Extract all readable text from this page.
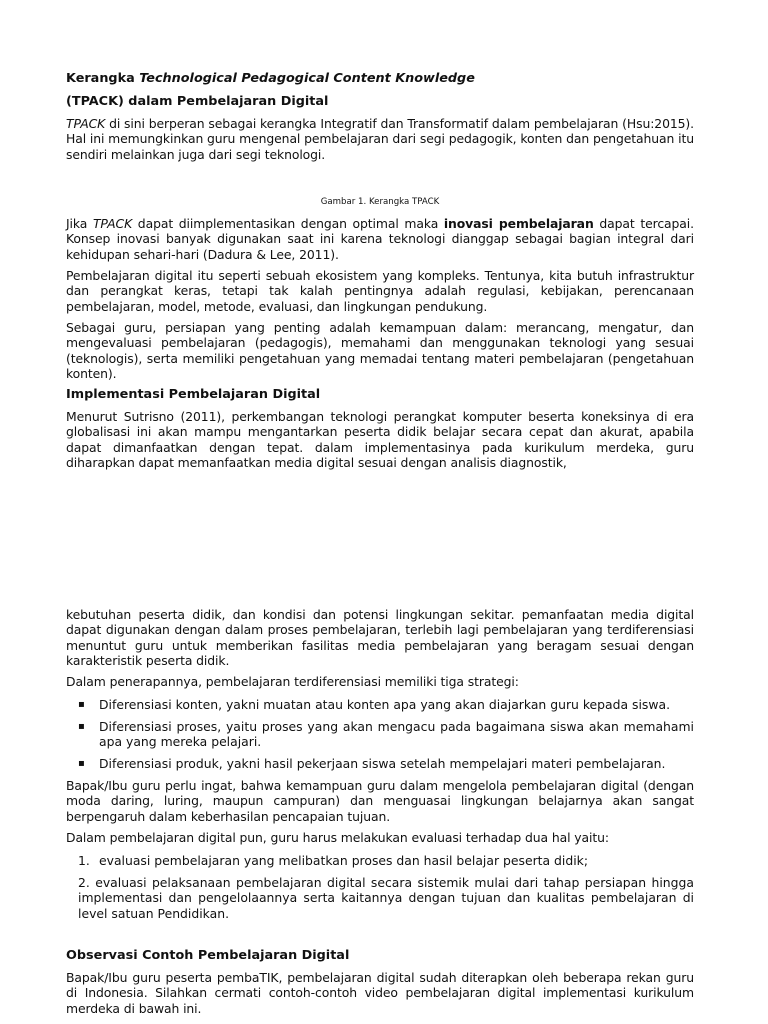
Kerangka Technological Pedagogical Content Knowledge
(TPACK) dalam Pembelajaran Digital

TPACK di sini berperan sebagai kerangka Integratif dan Transformatif dalam pembelajaran (Hsu:2015). Hal ini memungkinkan guru mengenal pembelajaran dari segi pedagogik, konten dan pengetahuan itu sendiri melainkan juga dari segi teknologi.

Gambar 1. Kerangka TPACK

Jika TPACK dapat diimplementasikan dengan optimal maka inovasi pembelajaran dapat tercapai. Konsep inovasi banyak digunakan saat ini karena teknologi dianggap sebagai bagian integral dari kehidupan sehari-hari (Dadura & Lee, 2011).

Pembelajaran digital itu seperti sebuah ekosistem yang kompleks. Tentunya, kita butuh infrastruktur dan perangkat keras, tetapi tak kalah pentingnya adalah regulasi, kebijakan, perencanaan pembelajaran, model, metode, evaluasi, dan lingkungan pendukung.

Sebagai guru, persiapan yang penting adalah kemampuan dalam: merancang, mengatur, dan mengevaluasi pembelajaran (pedagogis), memahami dan menggunakan teknologi yang sesuai (teknologis), serta memiliki pengetahuan yang memadai tentang materi pembelajaran (pengetahuan konten).

Implementasi Pembelajaran Digital

Menurut Sutrisno (2011), perkembangan teknologi perangkat komputer beserta koneksinya di era globalisasi ini akan mampu mengantarkan peserta didik belajar secara cepat dan akurat, apabila dapat dimanfaatkan dengan tepat. dalam implementasinya pada kurikulum merdeka, guru diharapkan dapat memanfaatkan media digital sesuai dengan analisis diagnostik,

kebutuhan peserta didik, dan kondisi dan potensi lingkungan sekitar. pemanfaatan media digital dapat digunakan dengan dalam proses pembelajaran, terlebih lagi pembelajaran yang terdiferensiasi menuntut guru untuk memberikan fasilitas media pembelajaran yang beragam sesuai dengan karakteristik peserta didik.

Dalam penerapannya, pembelajaran terdiferensiasi memiliki tiga strategi:

▪	Diferensiasi konten, yakni muatan atau konten apa yang akan diajarkan guru kepada siswa.
▪	Diferensiasi proses, yaitu proses yang akan mengacu pada bagaimana siswa akan memahami apa yang mereka pelajari.
▪	Diferensiasi produk, yakni hasil pekerjaan siswa setelah mempelajari materi pembelajaran.

Bapak/Ibu guru perlu ingat, bahwa kemampuan guru dalam mengelola pembelajaran digital (dengan moda daring, luring, maupun campuran) dan menguasai lingkungan belajarnya akan sangat berpengaruh dalam keberhasilan pencapaian tujuan.

Dalam pembelajaran digital pun, guru harus melakukan evaluasi terhadap dua hal yaitu:

1. evaluasi pembelajaran yang melibatkan proses dan hasil belajar peserta didik;
2. evaluasi pelaksanaan pembelajaran digital secara sistemik mulai dari tahap persiapan hingga implementasi dan pengelolaannya serta kaitannya dengan tujuan dan kualitas pembelajaran di level satuan Pendidikan.
Observasi Contoh Pembelajaran Digital

Bapak/Ibu guru peserta pembaTIK, pembelajaran digital sudah diterapkan oleh beberapa rekan guru di Indonesia. Silahkan cermati contoh-contoh video pembelajaran digital implementasi kurikulum merdeka di bawah ini.
